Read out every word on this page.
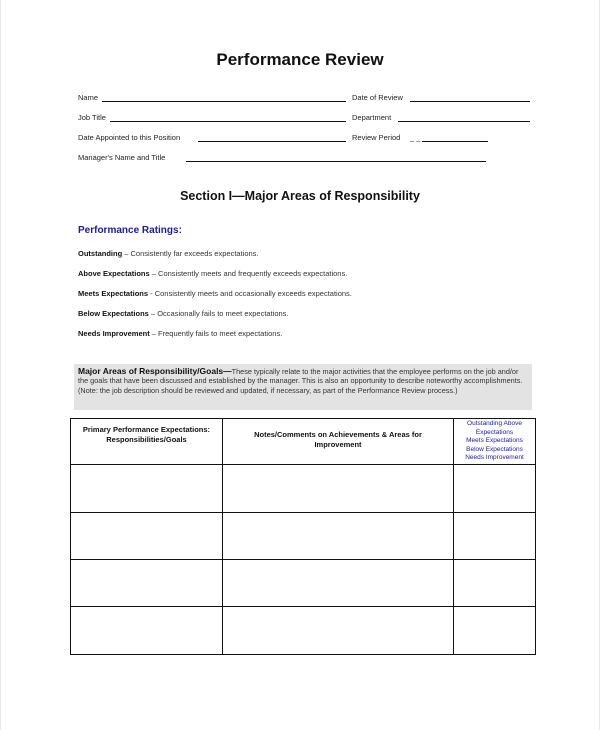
Performance Review
Name	Date of Review
Job Title	Department
Date Appointed to this Position	Review Period _ _
Manager's Name and Title
Section I—Major Areas of Responsibility
Performance Ratings:
Outstanding – Consistently far exceeds expectations.
Above Expectations – Consistently meets and frequently exceeds expectations.
Meets Expectations - Consistently meets and occasionally exceeds expectations.
Below Expectations – Occasionally fails to meet expectations.
Needs Improvement – Frequently fails to meet expectations.
Major Areas of Responsibility/Goals—These typically relate to the major activities that the employee performs on the job and/or the goals that have been discussed and established by the manager. This is also an opportunity to describe noteworthy accomplishments. (Note: the job description should be reviewed and updated, if necessary, as part of the Performance Review process.)
Primary Performance Expectations: Responsibilities/Goals	Notes/Comments on Achievements & Areas for Improvement	Outstanding Above Expectations
Meets Expectations
Below Expectations
Needs Improvement
